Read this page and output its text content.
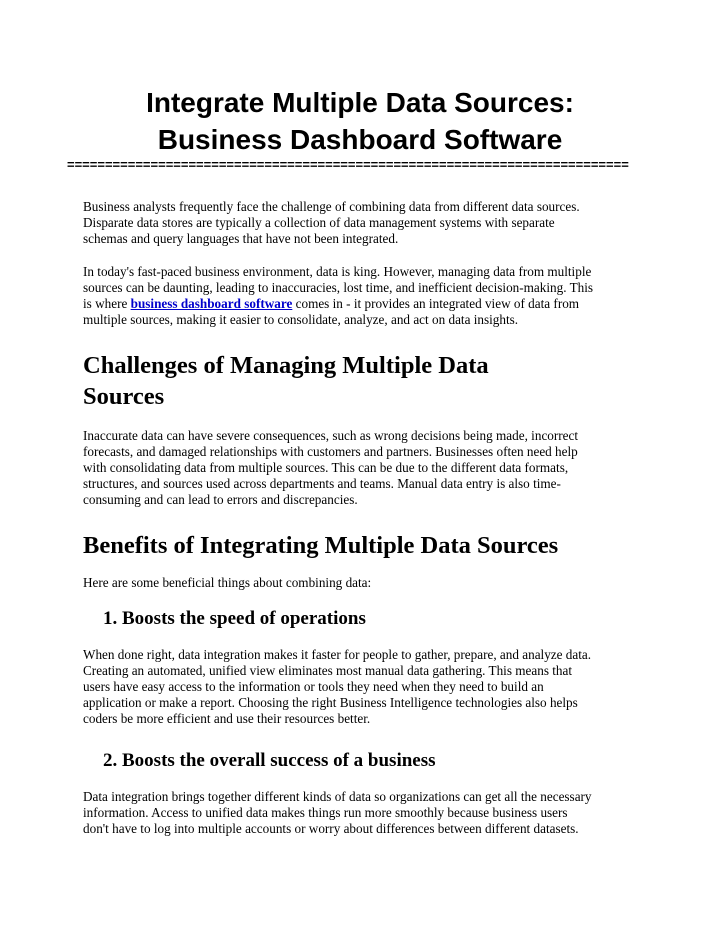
Integrate Multiple Data Sources:
Business Dashboard Software
==========================================================================
Business analysts frequently face the challenge of combining data from different data sources.
Disparate data stores are typically a collection of data management systems with separate
schemas and query languages that have not been integrated.
In today's fast-paced business environment, data is king. However, managing data from multiple
sources can be daunting, leading to inaccuracies, lost time, and inefficient decision-making. This
is where business dashboard software comes in - it provides an integrated view of data from
multiple sources, making it easier to consolidate, analyze, and act on data insights.
Challenges of Managing Multiple Data
Sources
Inaccurate data can have severe consequences, such as wrong decisions being made, incorrect
forecasts, and damaged relationships with customers and partners. Businesses often need help
with consolidating data from multiple sources. This can be due to the different data formats,
structures, and sources used across departments and teams. Manual data entry is also time-
consuming and can lead to errors and discrepancies.
Benefits of Integrating Multiple Data Sources
Here are some beneficial things about combining data:
1. Boosts the speed of operations
When done right, data integration makes it faster for people to gather, prepare, and analyze data.
Creating an automated, unified view eliminates most manual data gathering. This means that
users have easy access to the information or tools they need when they need to build an
application or make a report. Choosing the right Business Intelligence technologies also helps
coders be more efficient and use their resources better.
2. Boosts the overall success of a business
Data integration brings together different kinds of data so organizations can get all the necessary
information. Access to unified data makes things run more smoothly because business users
don't have to log into multiple accounts or worry about differences between different datasets.
